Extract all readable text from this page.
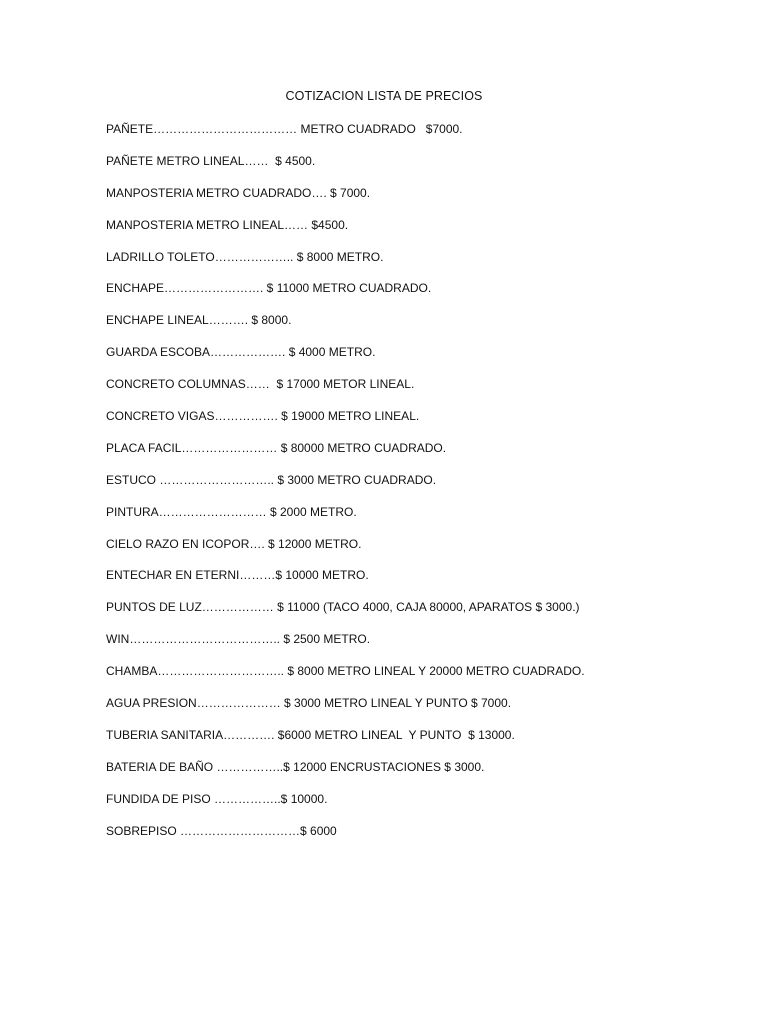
COTIZACION LISTA DE PRECIOS
PAÑETE……………………………… METRO CUADRADO   $7000.
PAÑETE METRO LINEAL……  $ 4500.
MANPOSTERIA METRO CUADRADO…. $ 7000.
MANPOSTERIA METRO LINEAL…… $4500.
LADRILLO TOLETO……………….. $ 8000 METRO.
ENCHAPE……………………. $ 11000 METRO CUADRADO.
ENCHAPE LINEAL………. $ 8000.
GUARDA ESCOBA………………. $ 4000 METRO.
CONCRETO COLUMNAS……  $ 17000 METOR LINEAL.
CONCRETO VIGAS……………. $ 19000 METRO LINEAL.
PLACA FACIL…………………… $ 80000 METRO CUADRADO.
ESTUCO ……………………….. $ 3000 METRO CUADRADO.
PINTURA……………………… $ 2000 METRO.
CIELO RAZO EN ICOPOR…. $ 12000 METRO.
ENTECHAR EN ETERNI………$ 10000 METRO.
PUNTOS DE LUZ……………… $ 11000 (TACO 4000, CAJA 80000, APARATOS $ 3000.)
WIN……………………………….. $ 2500 METRO.
CHAMBA………………………….. $ 8000 METRO LINEAL Y 20000 METRO CUADRADO.
AGUA PRESION………………… $ 3000 METRO LINEAL Y PUNTO $ 7000.
TUBERIA SANITARIA…………. $6000 METRO LINEAL  Y PUNTO  $ 13000.
BATERIA DE BAÑO ……………..$ 12000 ENCRUSTACIONES $ 3000.
FUNDIDA DE PISO ……………..$ 10000.
SOBREPISO …………………………$ 6000
